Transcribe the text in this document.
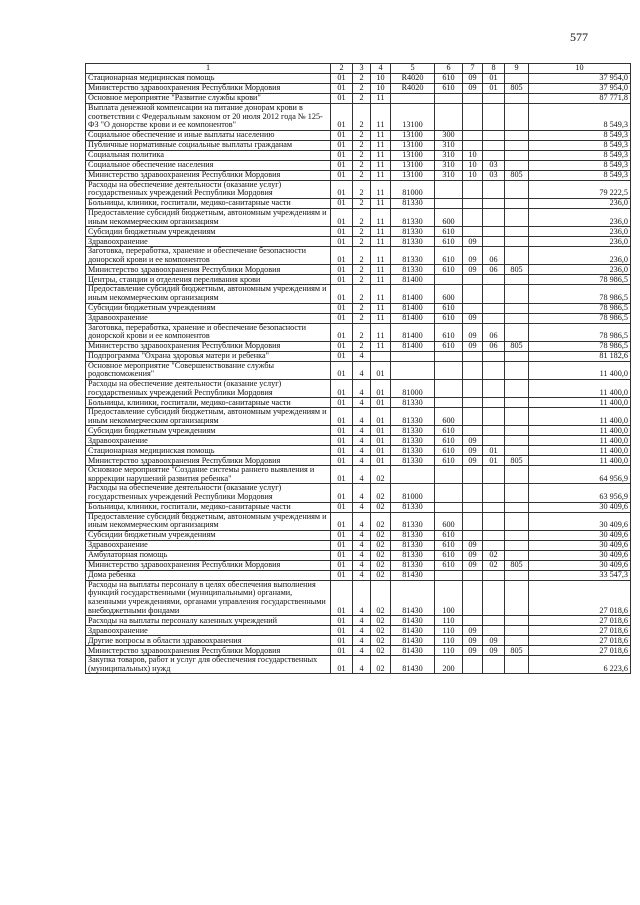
577
1	2	3	4	5	6	7	8	9	10
Стационарная медицинская помощь	01	2	10	R4020	610	09	01		37 954,0
Министерство здравоохранения Республики Мордовия	01	2	10	R4020	610	09	01	805	37 954,0
Основное мероприятие "Развитие службы крови"	01	2	11						87 771,8
Выплата денежной компенсации на питание донорам крови в соответствии с Федеральным законом от 20 июля 2012 года № 125-ФЗ "О донорстве крови и ее компонентов"	01	2	11	13100					8 549,3
Социальное обеспечение и иные выплаты населению	01	2	11	13100	300				8 549,3
Публичные нормативные социальные выплаты гражданам	01	2	11	13100	310				8 549,3
Социальная политика	01	2	11	13100	310	10			8 549,3
Социальное обеспечение населения	01	2	11	13100	310	10	03		8 549,3
Министерство здравоохранения Республики Мордовия	01	2	11	13100	310	10	03	805	8 549,3
Расходы на обеспечение деятельности (оказание услуг) государственных учреждений Республики Мордовия	01	2	11	81000					79 222,5
Больницы, клиники, госпитали, медико-санитарные части	01	2	11	81330					236,0
Предоставление субсидий бюджетным, автономным учреждениям и иным некоммерческим организациям	01	2	11	81330	600				236,0
Субсидии бюджетным учреждениям	01	2	11	81330	610				236,0
Здравоохранение	01	2	11	81330	610	09			236,0
Заготовка, переработка, хранение и обеспечение безопасности донорской крови и ее компонентов	01	2	11	81330	610	09	06		236,0
Министерство здравоохранения Республики Мордовия	01	2	11	81330	610	09	06	805	236,0
Центры, станции и отделения переливания крови	01	2	11	81400					78 986,5
Предоставление субсидий бюджетным, автономным учреждениям и иным некоммерческим организациям	01	2	11	81400	600				78 986,5
Субсидии бюджетным учреждениям	01	2	11	81400	610				78 986,5
Здравоохранение	01	2	11	81400	610	09			78 986,5
Заготовка, переработка, хранение и обеспечение безопасности донорской крови и ее компонентов	01	2	11	81400	610	09	06		78 986,5
Министерство здравоохранения Республики Мордовия	01	2	11	81400	610	09	06	805	78 986,5
Подпрограмма "Охрана здоровья матери и ребенка"	01	4							81 182,6
Основное мероприятие "Совершенствование службы родовспоможения"	01	4	01						11 400,0
Расходы на обеспечение деятельности (оказание услуг) государственных учреждений Республики Мордовия	01	4	01	81000					11 400,0
Больницы, клиники, госпитали, медико-санитарные части	01	4	01	81330					11 400,0
Предоставление субсидий бюджетным, автономным учреждениям и иным некоммерческим организациям	01	4	01	81330	600				11 400,0
Субсидии бюджетным учреждениям	01	4	01	81330	610				11 400,0
Здравоохранение	01	4	01	81330	610	09			11 400,0
Стационарная медицинская помощь	01	4	01	81330	610	09	01		11 400,0
Министерство здравоохранения Республики Мордовия	01	4	01	81330	610	09	01	805	11 400,0
Основное мероприятие "Создание системы раннего выявления и коррекции нарушений развития ребенка"	01	4	02						64 956,9
Расходы на обеспечение деятельности (оказание услуг) государственных учреждений Республики Мордовия	01	4	02	81000					63 956,9
Больницы, клиники, госпитали, медико-санитарные части	01	4	02	81330					30 409,6
Предоставление субсидий бюджетным, автономным учреждениям и иным некоммерческим организациям	01	4	02	81330	600				30 409,6
Субсидии бюджетным учреждениям	01	4	02	81330	610				30 409,6
Здравоохранение	01	4	02	81330	610	09			30 409,6
Амбулаторная помощь	01	4	02	81330	610	09	02		30 409,6
Министерство здравоохранения Республики Мордовия	01	4	02	81330	610	09	02	805	30 409,6
Дома ребенка	01	4	02	81430					33 547,3
Расходы на выплаты персоналу в целях обеспечения выполнения функций государственными (муниципальными) органами, казенными учреждениями, органами управления государственными внебюджетными фондами	01	4	02	81430	100				27 018,6
Расходы на выплаты персоналу казенных учреждений	01	4	02	81430	110				27 018,6
Здравоохранение	01	4	02	81430	110	09			27 018,6
Другие вопросы в области здравоохранения	01	4	02	81430	110	09	09		27 018,6
Министерство здравоохранения Республики Мордовия	01	4	02	81430	110	09	09	805	27 018,6
Закупка товаров, работ и услуг для обеспечения государственных (муниципальных) нужд	01	4	02	81430	200				6 223,6
